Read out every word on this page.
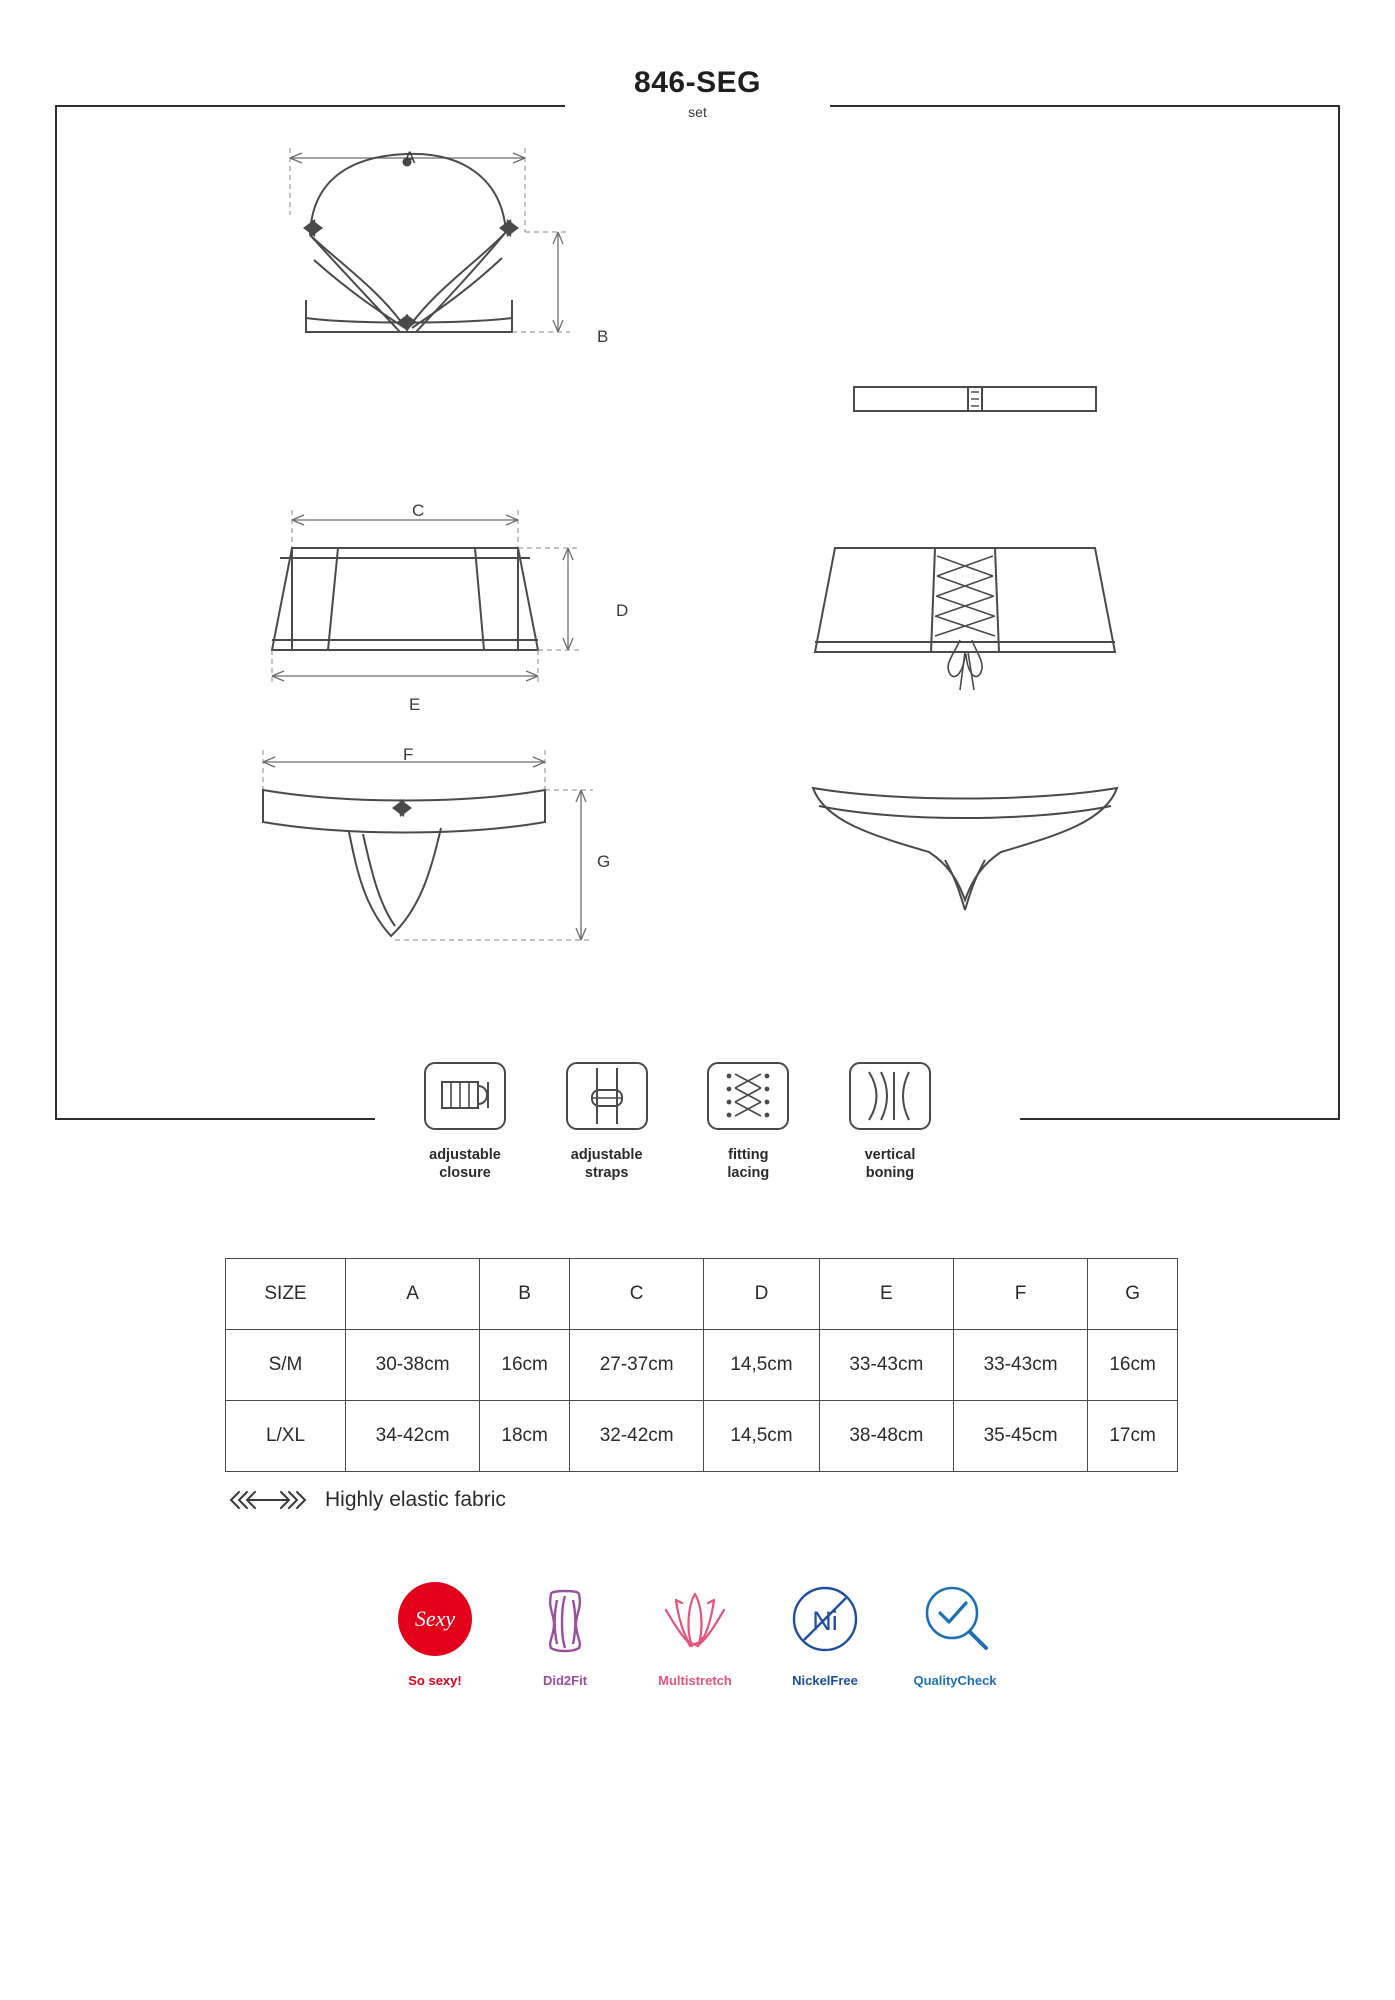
846-SEG
set
A
B
C
D
E
F
G
adjustable
closure
adjustable
straps
fitting
lacing
vertical
boning
SIZE	A	B	C	D	E	F	G
S/M	30-38cm	16cm	27-37cm	14,5cm	33-43cm	33-43cm	16cm
L/XL	34-42cm	18cm	32-42cm	14,5cm	38-48cm	35-45cm	17cm
Highly elastic fabric
Sexy
So sexy!	Did2Fit	Multistretch
Ni
NickelFree	QualityCheck
